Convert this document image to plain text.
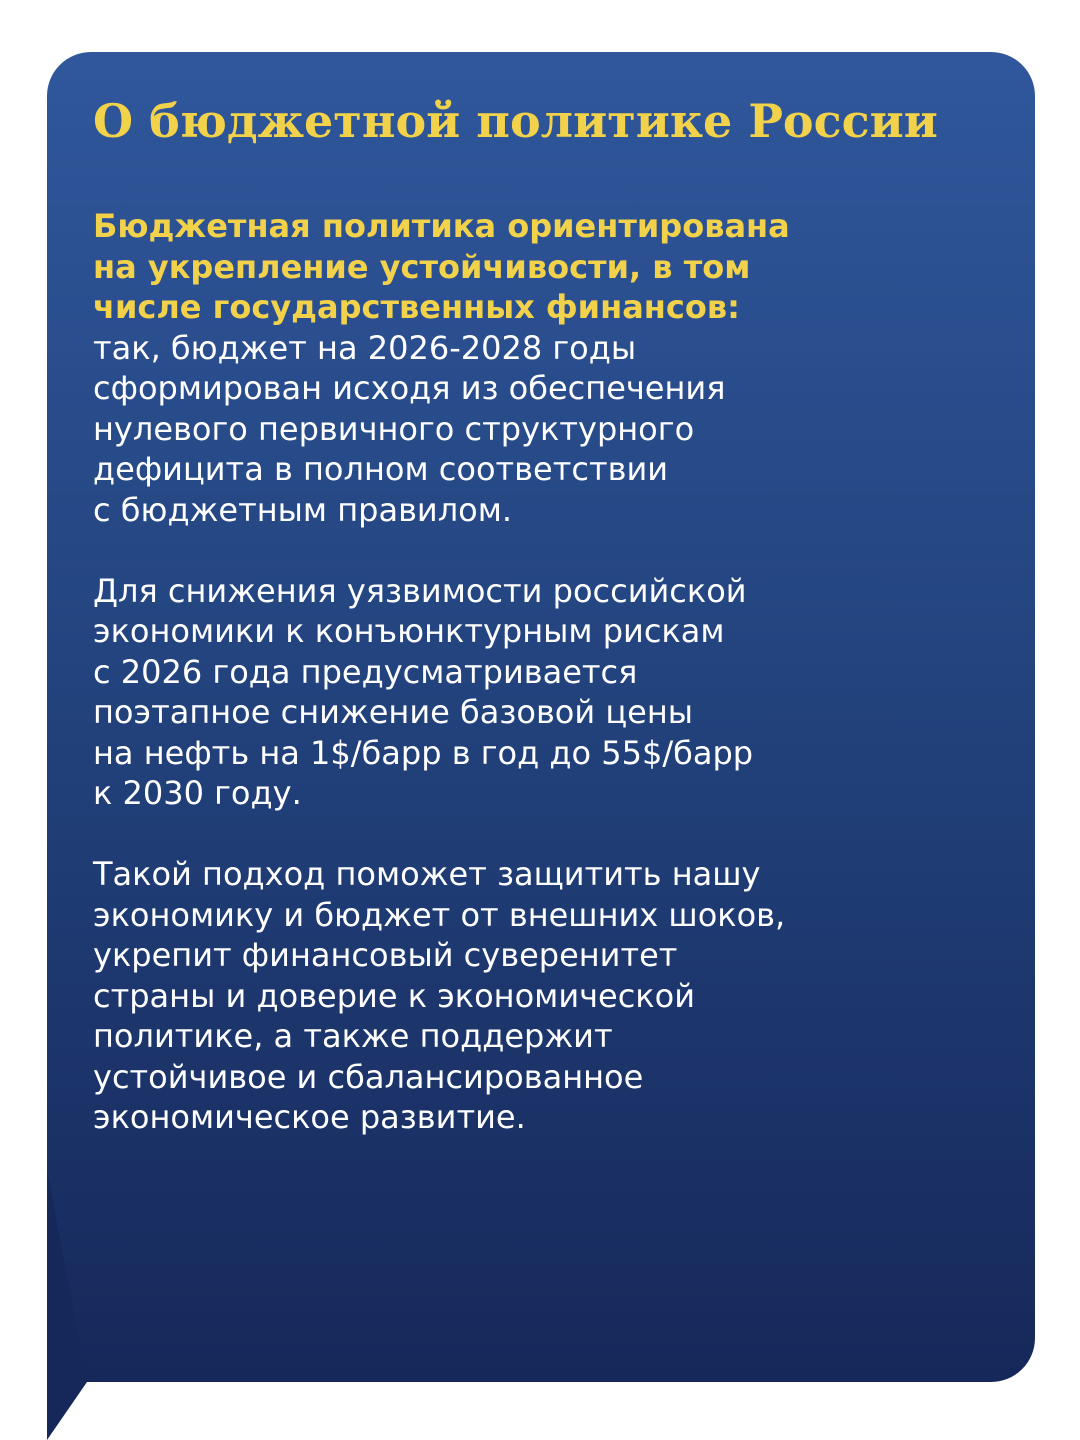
О бюджетной политике России
Бюджетная политика ориентирована
на укрепление устойчивости, в том
числе государственных финансов:
так, бюджет на 2026-2028 годы
сформирован исходя из обеспечения
нулевого первичного структурного
дефицита в полном соответствии
с бюджетным правилом.
Для снижения уязвимости российской
экономики к конъюнктурным рискам
с 2026 года предусматривается
поэтапное снижение базовой цены
на нефть на 1$/барр в год до 55$/барр
к 2030 году.
Такой подход поможет защитить нашу
экономику и бюджет от внешних шоков,
укрепит финансовый суверенитет
страны и доверие к экономической
политике, а также поддержит
устойчивое и сбалансированное
экономическое развитие.
